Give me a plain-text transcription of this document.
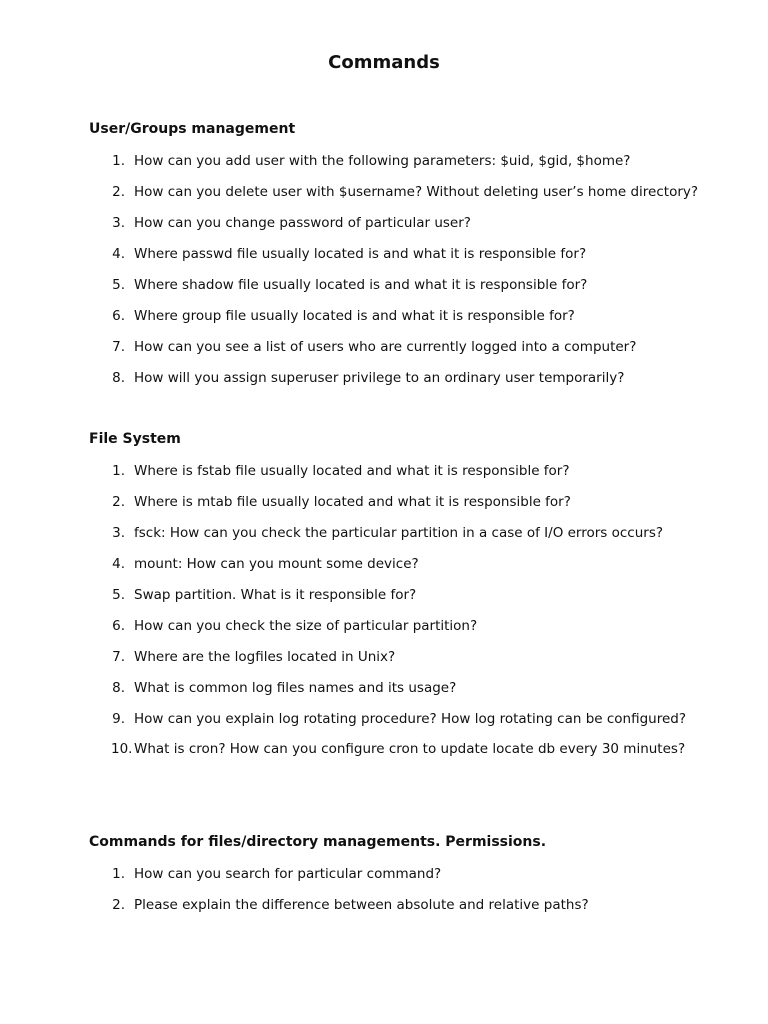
Commands
User/Groups management
1. How can you add user with the following parameters: $uid, $gid, $home?
2. How can you delete user with $username? Without deleting user’s home directory?
3. How can you change password of particular user?
4. Where passwd file usually located is and what it is responsible for?
5. Where shadow file usually located is and what it is responsible for?
6. Where group file usually located is and what it is responsible for?
7. How can you see a list of users who are currently logged into a computer?
8. How will you assign superuser privilege to an ordinary user temporarily?
File System
1. Where is fstab file usually located and what it is responsible for?
2. Where is mtab file usually located and what it is responsible for?
3. fsck: How can you check the particular partition in a case of I/O errors occurs?
4. mount: How can you mount some device?
5. Swap partition. What is it responsible for?
6. How can you check the size of particular partition?
7. Where are the logfiles located in Unix?
8. What is common log files names and its usage?
9. How can you explain log rotating procedure? How log rotating can be configured?
10. What is cron? How can you configure cron to update locate db every 30 minutes?
Commands for files/directory managements. Permissions.
1. How can you search for particular command?
2. Please explain the difference between absolute and relative paths?
